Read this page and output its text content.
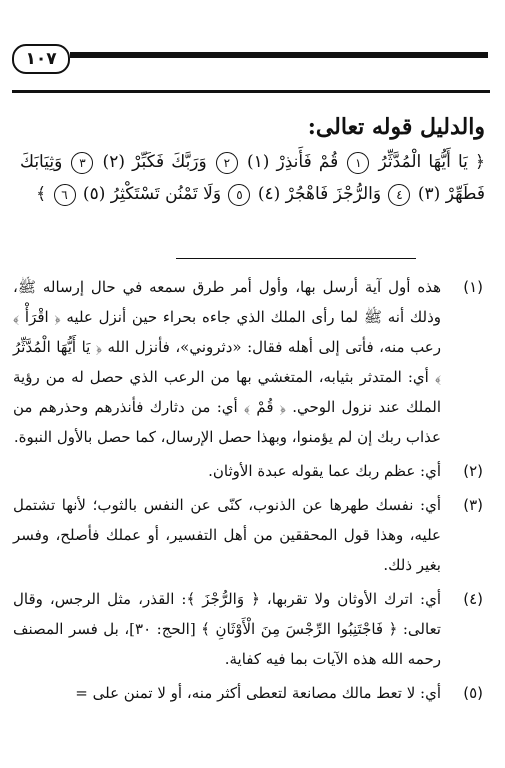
١٠٧

والدليل قوله تعالى:

﴿ يَا أَيُّهَا الْمُدَّثِّرُ ١ قُمْ فَأَنذِرْ (١) ٢ وَرَبَّكَ فَكَبِّرْ (٢) ٣ وَثِيَابَكَ فَطَهِّرْ (٣) ٤ وَالرُّجْزَ فَاهْجُرْ (٤) ٥ وَلَا تَمْنُن تَسْتَكْثِرُ (٥) ٦ ﴾

(١)
هذه أول آية أرسل بها، وأول أمر طرق سمعه في حال إرساله ﷺ، وذلك أنه ﷺ لما رأى الملك الذي جاءه بحراء حين أنزل عليه ﴿ اقْرَأْ ﴾ رعب منه، فأتى إلى أهله فقال: «دثروني»، فأنزل الله ﴿ يَا أَيُّهَا الْمُدَّثِّرُ ﴾ أي: المتدثر بثيابه، المتغشي بها من الرعب الذي حصل له من رؤية الملك عند نزول الوحي. ﴿ قُمْ ﴾ أي: من دثارك فأنذرهم وحذرهم من عذاب ربك إن لم يؤمنوا، وبهذا حصل الإرسال، كما حصل بالأول النبوة.
(٢)
أي: عظم ربك عما يقوله عبدة الأوثان.
(٣)
أي: نفسك طهرها عن الذنوب، كنّى عن النفس بالثوب؛ لأنها تشتمل عليه، وهذا قول المحققين من أهل التفسير، أو عملك فأصلح، وفسر بغير ذلك.
(٤)
أي: اترك الأوثان ولا تقربها، ﴿ وَالرُّجْزَ ﴾: القذر، مثل الرجس، وقال تعالى: ﴿ فَاجْتَنِبُوا الرِّجْسَ مِنَ الْأَوْثَانِ ﴾ [الحج: ٣٠]، بل فسر المصنف رحمه الله هذه الآيات بما فيه كفاية.
(٥)
أي: لا تعط مالك مصانعة لتعطى أكثر منه، أو لا تمنن على =
